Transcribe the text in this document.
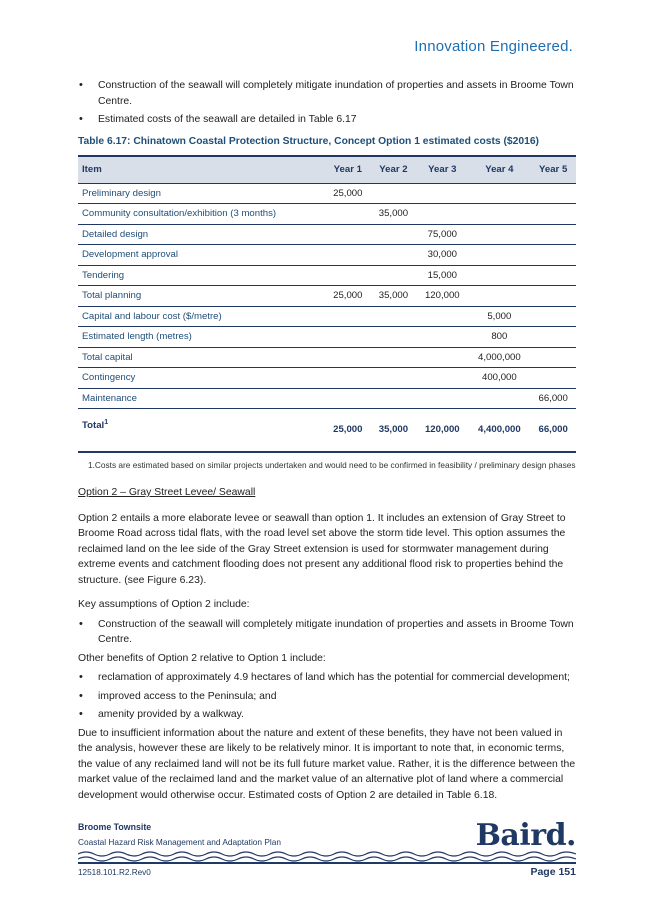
Innovation Engineered.
• Construction of the seawall will completely mitigate inundation of properties and assets in Broome Town Centre.
• Estimated costs of the seawall are detailed in Table 6.17
Table 6.17: Chinatown Coastal Protection Structure, Concept Option 1 estimated costs ($2016)
Item	Year 1	Year 2	Year 3	Year 4	Year 5
Preliminary design	25,000				
Community consultation/exhibition (3 months)		35,000			
Detailed design			75,000		
Development approval			30,000		
Tendering			15,000		
Total planning	25,000	35,000	120,000		
Capital and labour cost ($/metre)				5,000	
Estimated length (metres)				800	
Total capital				4,000,000	
Contingency				400,000	
Maintenance					66,000
Total$^1$	25,000	35,000	120,000	4,400,000	66,000
1.Costs are estimated based on similar projects undertaken and would need to be confirmed in feasibility / preliminary design phases
Option 2 – Gray Street Levee/ Seawall

Option 2 entails a more elaborate levee or seawall than option 1. It includes an extension of Gray Street to Broome Road across tidal flats, with the road level set above the storm tide level. This option assumes the reclaimed land on the lee side of the Gray Street extension is used for stormwater management during extreme events and catchment flooding does not present any additional flood risk to properties behind the structure. (see Figure 6.23).

Key assumptions of Option 2 include:

• Construction of the seawall will completely mitigate inundation of properties and assets in Broome Town Centre.

Other benefits of Option 2 relative to Option 1 include:

• reclamation of approximately 4.9 hectares of land which has the potential for commercial development;
• improved access to the Peninsula; and
• amenity provided by a walkway.

Due to insufficient information about the nature and extent of these benefits, they have not been valued in the analysis, however these are likely to be relatively minor. It is important to note that, in economic terms, the value of any reclaimed land will not be its full future market value. Rather, it is the difference between the market value of the reclaimed land and the market value of an alternative plot of land where a commercial development would otherwise occur. Estimated costs of Option 2 are detailed in Table 6.18.

Broome Townsite
Coastal Hazard Risk Management and Adaptation Plan	Baird.
12518.101.R2.Rev0	Page 151
